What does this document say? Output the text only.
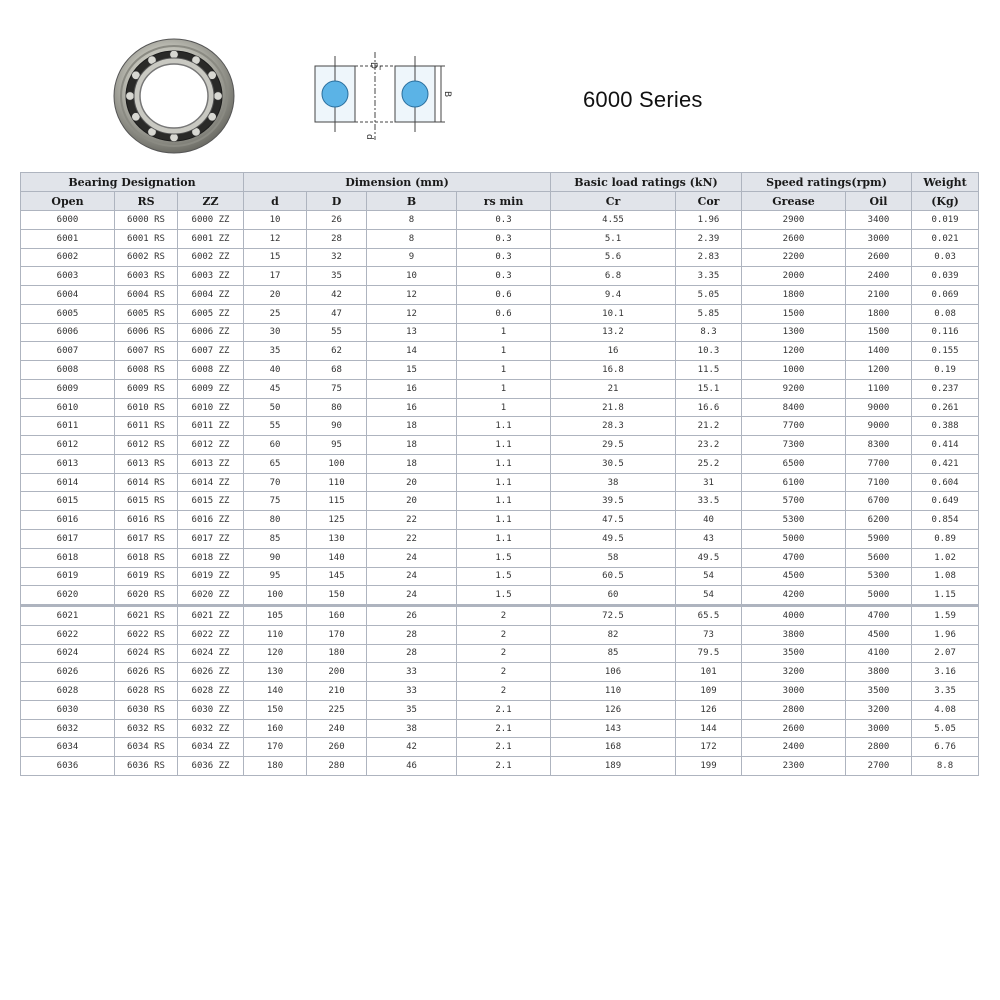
D
d
B
r
6000 Series
Bearing Designation			Dimension (mm)				Basic load ratings (kN)		Speed ratings(rpm)		Weight
Open	RS	ZZ	d	D	B	rs min	Cr	Cor	Grease	Oil	(Kg)
6000	6000 RS	6000 ZZ	10	26	8	0.3	4.55	1.96	2900	3400	0.019
6001	6001 RS	6001 ZZ	12	28	8	0.3	5.1	2.39	2600	3000	0.021
6002	6002 RS	6002 ZZ	15	32	9	0.3	5.6	2.83	2200	2600	0.03
6003	6003 RS	6003 ZZ	17	35	10	0.3	6.8	3.35	2000	2400	0.039
6004	6004 RS	6004 ZZ	20	42	12	0.6	9.4	5.05	1800	2100	0.069
6005	6005 RS	6005 ZZ	25	47	12	0.6	10.1	5.85	1500	1800	0.08
6006	6006 RS	6006 ZZ	30	55	13	1	13.2	8.3	1300	1500	0.116
6007	6007 RS	6007 ZZ	35	62	14	1	16	10.3	1200	1400	0.155
6008	6008 RS	6008 ZZ	40	68	15	1	16.8	11.5	1000	1200	0.19
6009	6009 RS	6009 ZZ	45	75	16	1	21	15.1	9200	1100	0.237
6010	6010 RS	6010 ZZ	50	80	16	1	21.8	16.6	8400	9000	0.261
6011	6011 RS	6011 ZZ	55	90	18	1.1	28.3	21.2	7700	9000	0.388
6012	6012 RS	6012 ZZ	60	95	18	1.1	29.5	23.2	7300	8300	0.414
6013	6013 RS	6013 ZZ	65	100	18	1.1	30.5	25.2	6500	7700	0.421
6014	6014 RS	6014 ZZ	70	110	20	1.1	38	31	6100	7100	0.604
6015	6015 RS	6015 ZZ	75	115	20	1.1	39.5	33.5	5700	6700	0.649
6016	6016 RS	6016 ZZ	80	125	22	1.1	47.5	40	5300	6200	0.854
6017	6017 RS	6017 ZZ	85	130	22	1.1	49.5	43	5000	5900	0.89
6018	6018 RS	6018 ZZ	90	140	24	1.5	58	49.5	4700	5600	1.02
6019	6019 RS	6019 ZZ	95	145	24	1.5	60.5	54	4500	5300	1.08
6020	6020 RS	6020 ZZ	100	150	24	1.5	60	54	4200	5000	1.15
6021	6021 RS	6021 ZZ	105	160	26	2	72.5	65.5	4000	4700	1.59
6022	6022 RS	6022 ZZ	110	170	28	2	82	73	3800	4500	1.96
6024	6024 RS	6024 ZZ	120	180	28	2	85	79.5	3500	4100	2.07
6026	6026 RS	6026 ZZ	130	200	33	2	106	101	3200	3800	3.16
6028	6028 RS	6028 ZZ	140	210	33	2	110	109	3000	3500	3.35
6030	6030 RS	6030 ZZ	150	225	35	2.1	126	126	2800	3200	4.08
6032	6032 RS	6032 ZZ	160	240	38	2.1	143	144	2600	3000	5.05
6034	6034 RS	6034 ZZ	170	260	42	2.1	168	172	2400	2800	6.76
6036	6036 RS	6036 ZZ	180	280	46	2.1	189	199	2300	2700	8.8
